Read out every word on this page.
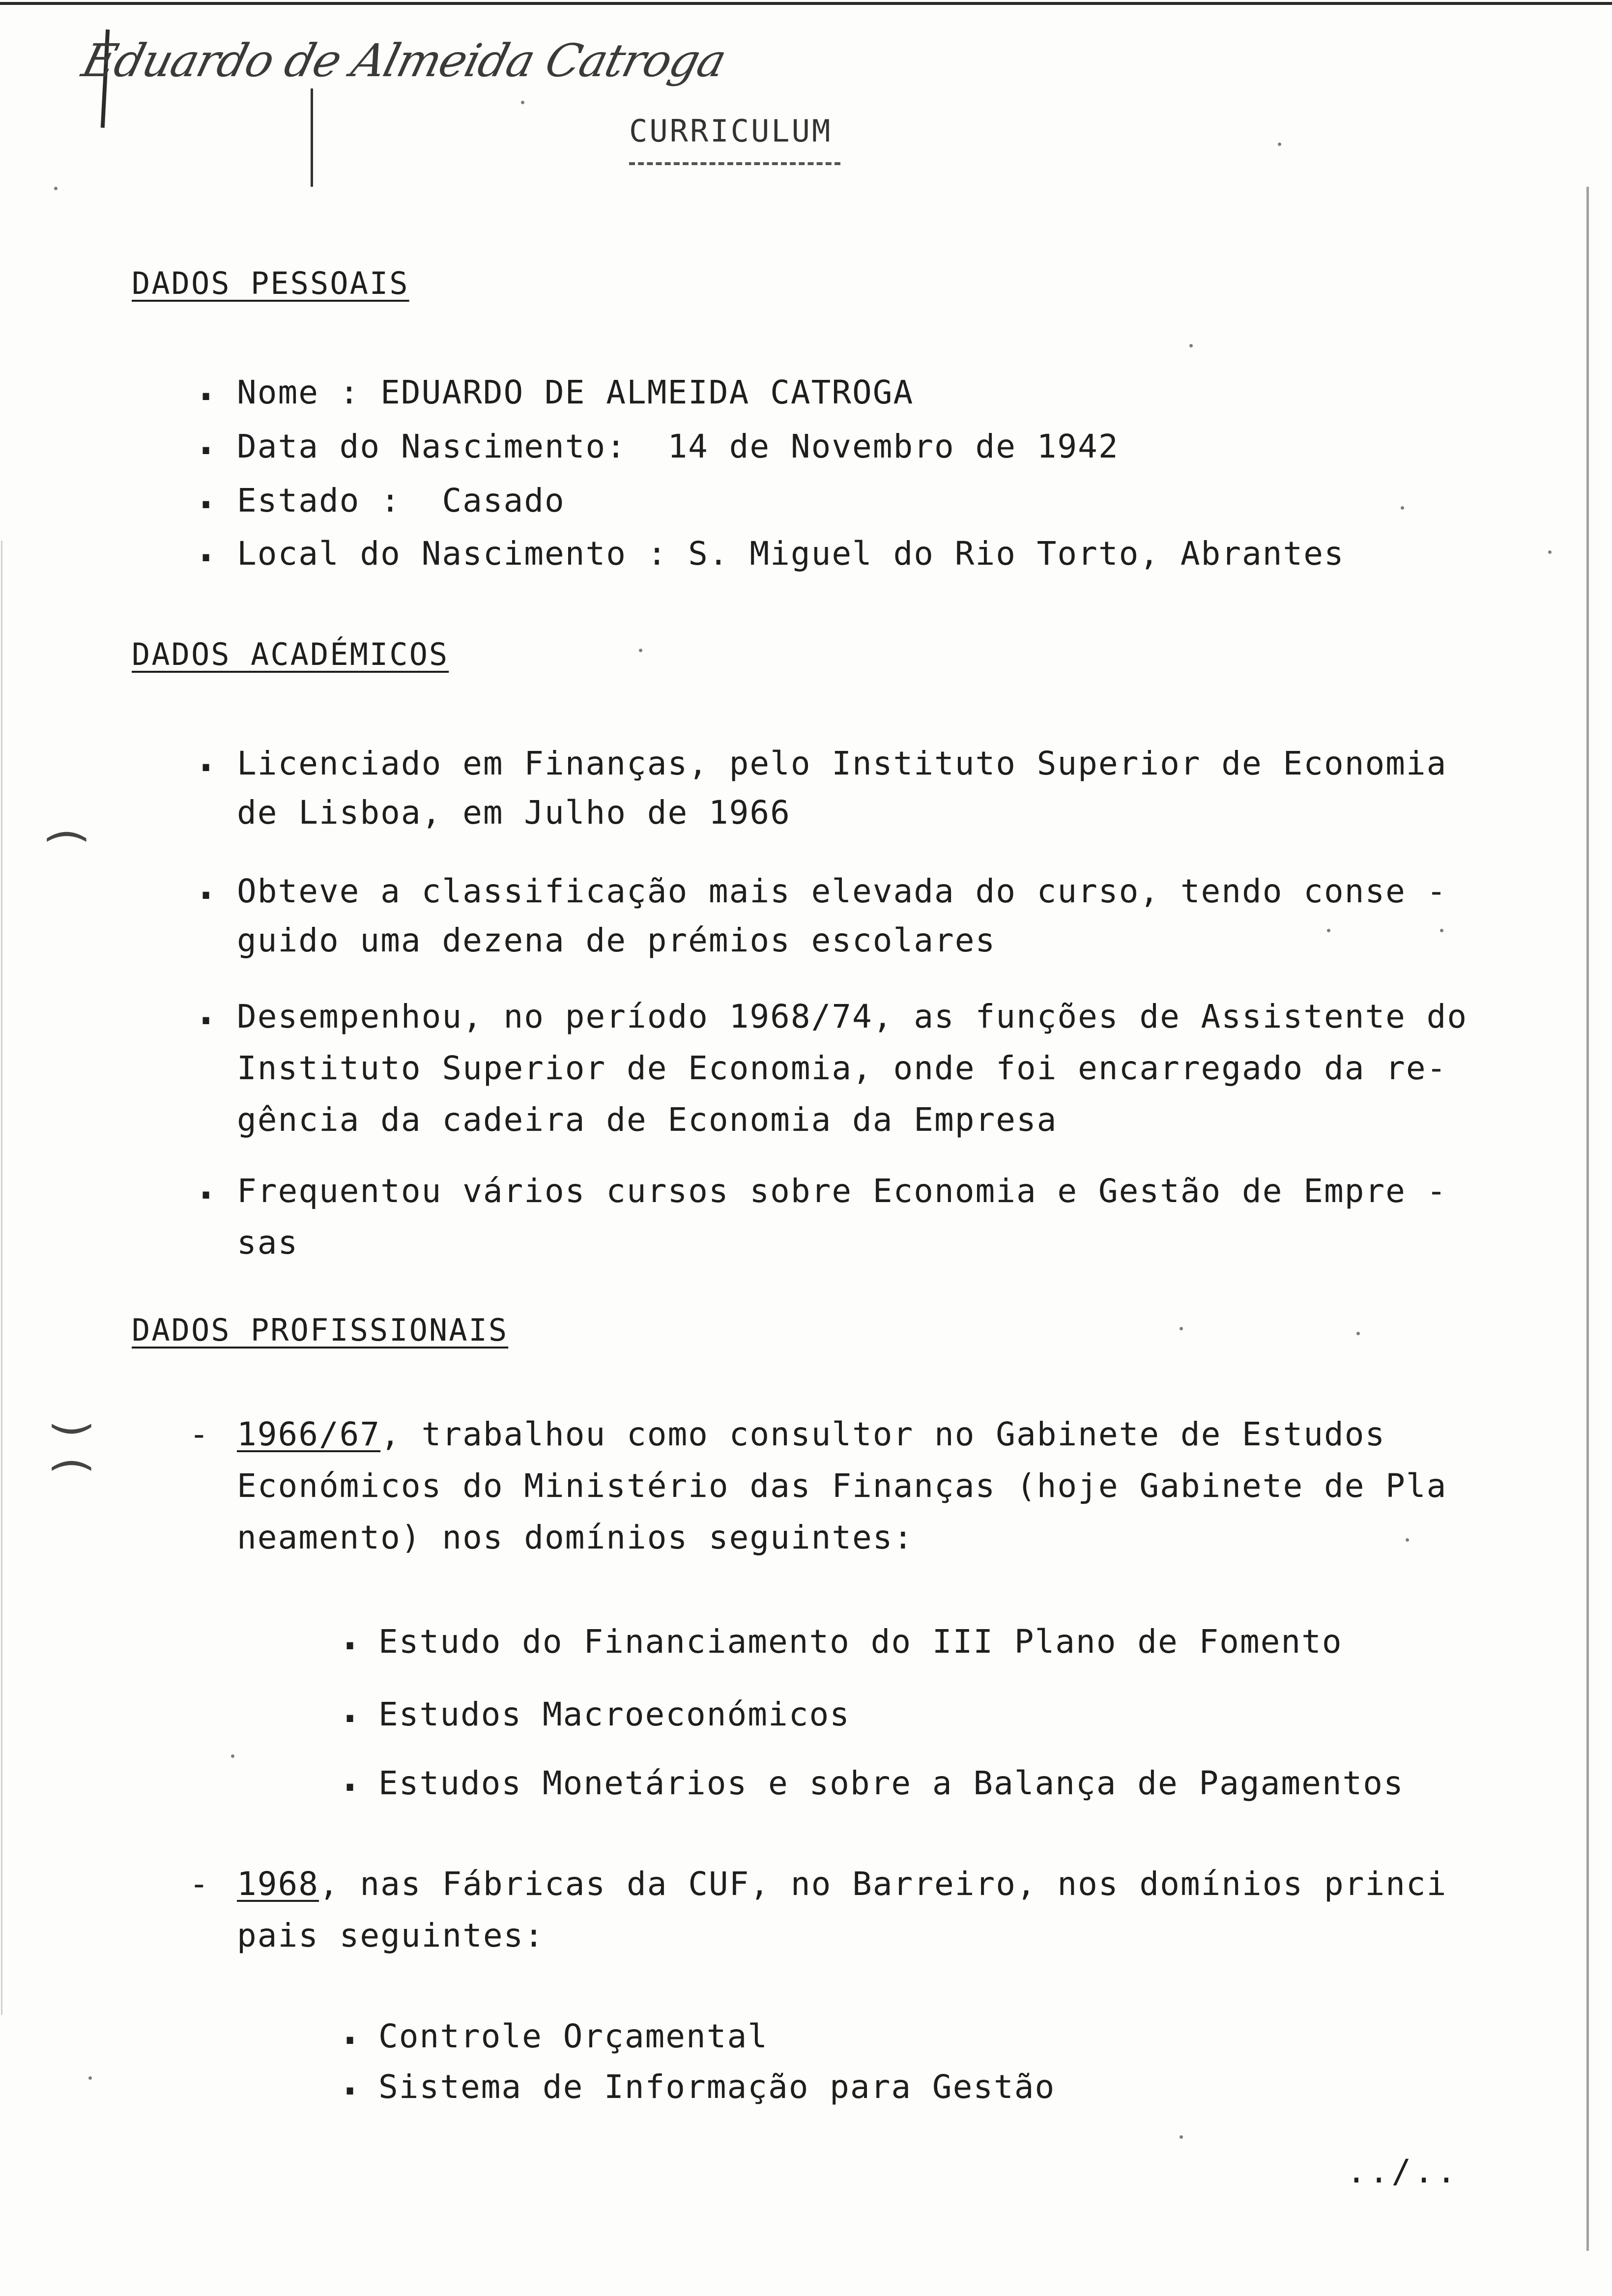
Eduardo de Almeida Catroga
CURRICULUM
DADOS PESSOAIS
. Nome : EDUARDO DE ALMEIDA CATROGA
. Data do Nascimento:  14 de Novembro de 1942
. Estado :  Casado
. Local do Nascimento : S. Miguel do Rio Torto, Abrantes
DADOS ACADÉMICOS
. Licenciado em Finanças, pelo Instituto Superior de Economia
de Lisboa, em Julho de 1966
. Obteve a classificação mais elevada do curso, tendo conse -
guido uma dezena de prémios escolares
. Desempenhou, no período 1968/74, as funções de Assistente do
Instituto Superior de Economia, onde foi encarregado da re-
gência da cadeira de Economia da Empresa
. Frequentou vários cursos sobre Economia e Gestão de Empre -
sas
DADOS PROFISSIONAIS
- 1966/67, trabalhou como consultor no Gabinete de Estudos
Económicos do Ministério das Finanças (hoje Gabinete de Pla
neamento) nos domínios seguintes:
. Estudo do Financiamento do III Plano de Fomento
. Estudos Macroeconómicos
. Estudos Monetários e sobre a Balança de Pagamentos
- 1968, nas Fábricas da CUF, no Barreiro, nos domínios princi
pais seguintes:
. Controle Orçamental
. Sistema de Informação para Gestão
../..
(
)
(
